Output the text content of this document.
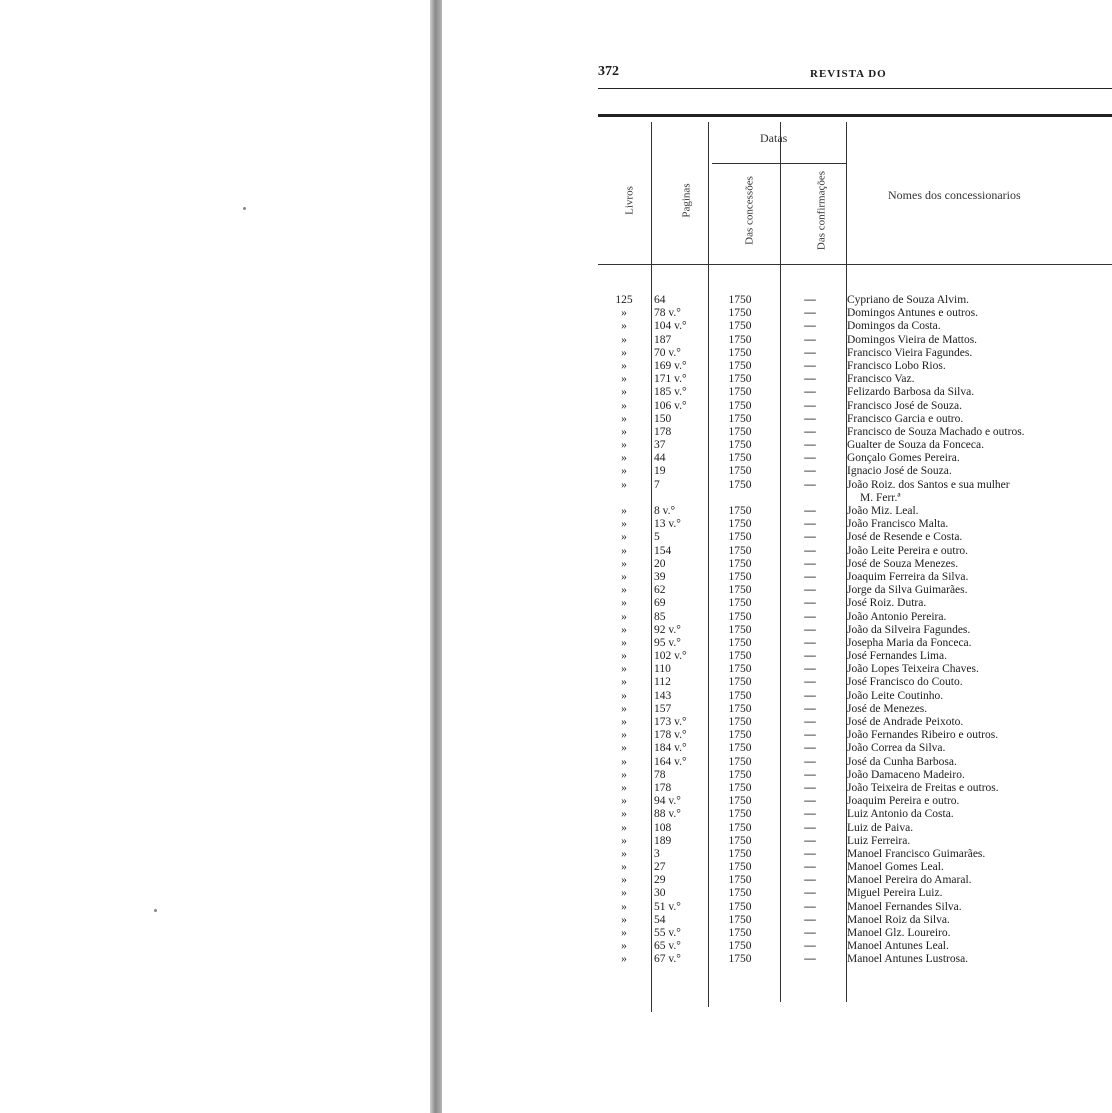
372	REVISTA DO
Datas
Nomes dos concessionarios
Livros	Paginas	Das concessões	Das confirmações
125 64	1750	—	Cypriano de Souza Alvim.
»	78 v.°	1750	—	Domingos Antunes e outros.
»	104 v.°	1750	—	Domingos da Costa.
»	187	1750	—	Domingos Vieira de Mattos.
»	70 v.°	1750	—	Francisco Vieira Fagundes.
»	169 v.°	1750	—	Francisco Lobo Rios.
»	171 v.°	1750	—	Francisco Vaz.
»	185 v.°	1750	—	Felizardo Barbosa da Silva.
»	106 v.°	1750	—	Francisco José de Souza.
»	150	1750	—	Francisco Garcia e outro.
»	178	1750	—	Francisco de Souza Machado e outros.
»	37	1750	—	Gualter de Souza da Fonceca.
»	44	1750	—	Gonçalo Gomes Pereira.
»	19	1750	—	Ignacio José de Souza.
»	7	1750	—	João Roiz. dos Santos e sua mulher
M. Ferr.ª
»	8 v.°	1750	—	João Miz. Leal.
»	13 v.°	1750	—	João Francisco Malta.
»	5	1750	—	José de Resende e Costa.
»	154	1750	—	João Leite Pereira e outro.
»	20	1750	—	José de Souza Menezes.
»	39	1750	—	Joaquim Ferreira da Silva.
»	62	1750	—	Jorge da Silva Guimarães.
»	69	1750	—	José Roiz. Dutra.
»	85	1750	—	João Antonio Pereira.
»	92 v.°	1750	—	João da Silveira Fagundes.
»	95 v.°	1750	—	Josepha Maria da Fonceca.
»	102 v.°	1750	—	José Fernandes Lima.
»	110	1750	—	João Lopes Teixeira Chaves.
»	112	1750	—	José Francisco do Couto.
»	143	1750	—	João Leite Coutinho.
»	157	1750	—	José de Menezes.
»	173 v.°	1750	—	José de Andrade Peixoto.
»	178 v.°	1750	—	João Fernandes Ribeiro e outros.
»	184 v.°	1750	—	João Correa da Silva.
»	164 v.°	1750	—	José da Cunha Barbosa.
»	78	1750	—	João Damaceno Madeiro.
»	178	1750	—	João Teixeira de Freitas e outros.
»	94 v.°	1750	—	Joaquim Pereira e outro.
»	88 v.°	1750	—	Luiz Antonio da Costa.
»	108	1750	—	Luiz de Paiva.
»	189	1750	—	Luiz Ferreira.
»	3	1750	—	Manoel Francisco Guimarães.
»	27	1750	—	Manoel Gomes Leal.
»	29	1750	—	Manoel Pereira do Amaral.
»	30	1750	—	Miguel Pereira Luiz.
»	51 v.°	1750	—	Manoel Fernandes Silva.
»	54	1750	—	Manoel Roiz da Silva.
»	55 v.°	1750	—	Manoel Glz. Loureiro.
»	65 v.°	1750	—	Manoel Antunes Leal.
»	67 v.°	1750	—	Manoel Antunes Lustrosa.
